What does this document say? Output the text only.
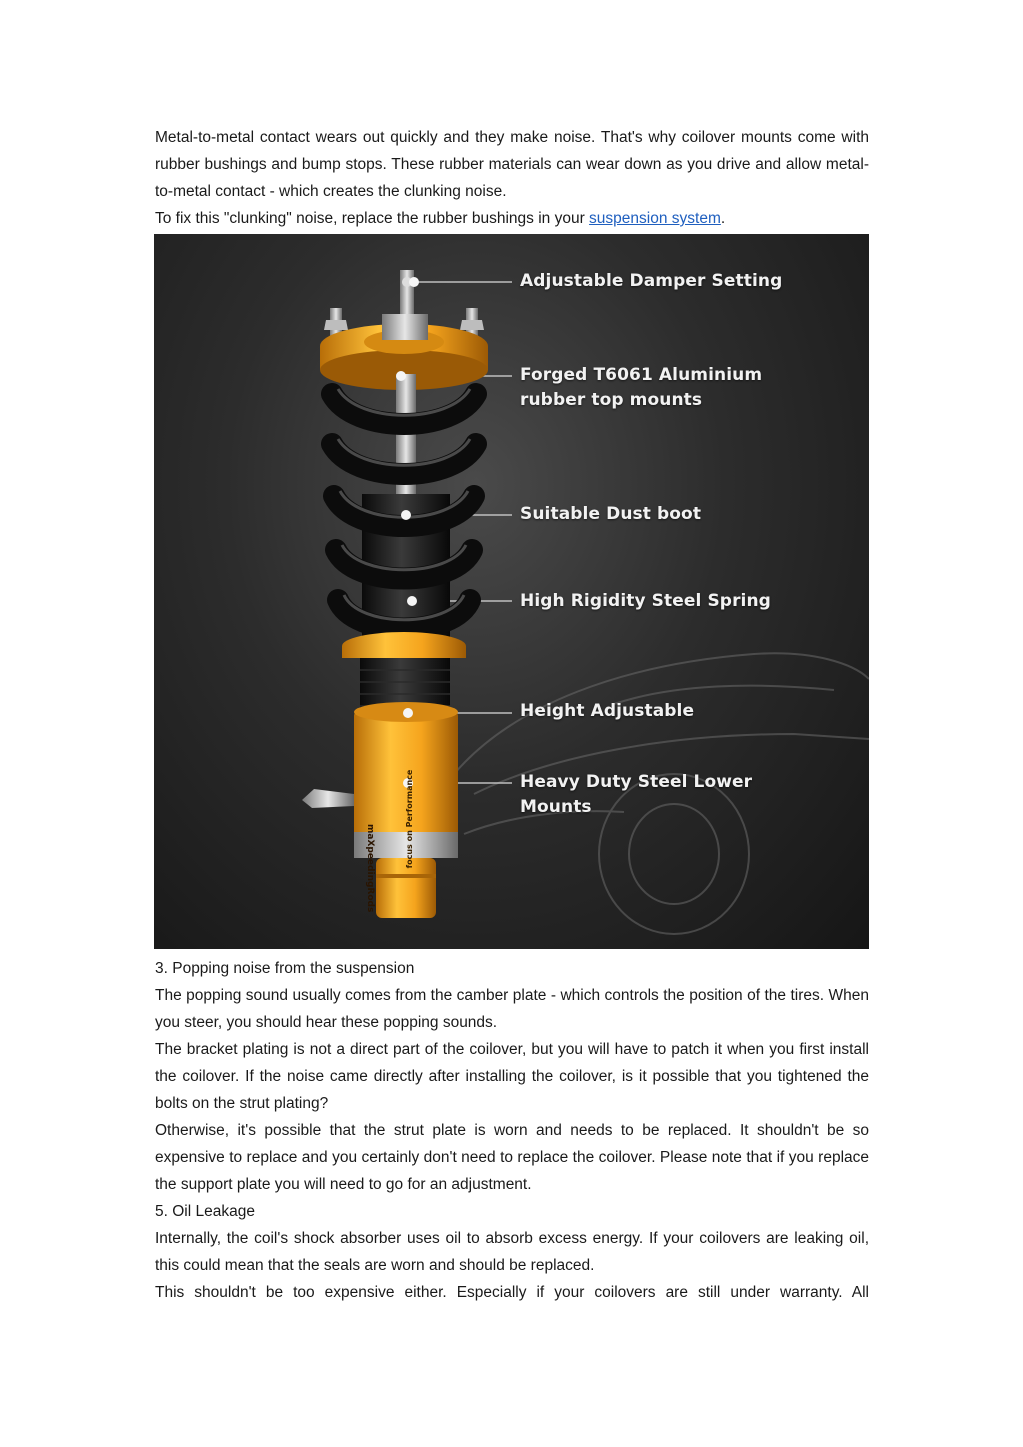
Metal-to-metal contact wears out quickly and they make noise. That's why coilover mounts come with rubber bushings and bump stops. These rubber materials can wear down as you drive and allow metal-to-metal contact - which creates the clunking noise.

To fix this "clunking" noise, replace the rubber bushings in your suspension system.

focus on Performance
maXpeedingRods
Adjustable Damper Setting
Forged T6061 Aluminium
rubber top mounts
Suitable Dust boot
High Rigidity Steel Spring
Height Adjustable
Heavy Duty Steel Lower
Mounts

3. Popping noise from the suspension

The popping sound usually comes from the camber plate - which controls the position of the tires. When you steer, you should hear these popping sounds.

The bracket plating is not a direct part of the coilover, but you will have to patch it when you first install the coilover. If the noise came directly after installing the coilover, is it possible that you tightened the bolts on the strut plating?

Otherwise, it's possible that the strut plate is worn and needs to be replaced. It shouldn't be so expensive to replace and you certainly don't need to replace the coilover. Please note that if you replace the support plate you will need to go for an adjustment.

5. Oil Leakage

Internally, the coil's shock absorber uses oil to absorb excess energy. If your coilovers are leaking oil, this could mean that the seals are worn and should be replaced.

This shouldn't be too expensive either. Especially if your coilovers are still under warranty. All
